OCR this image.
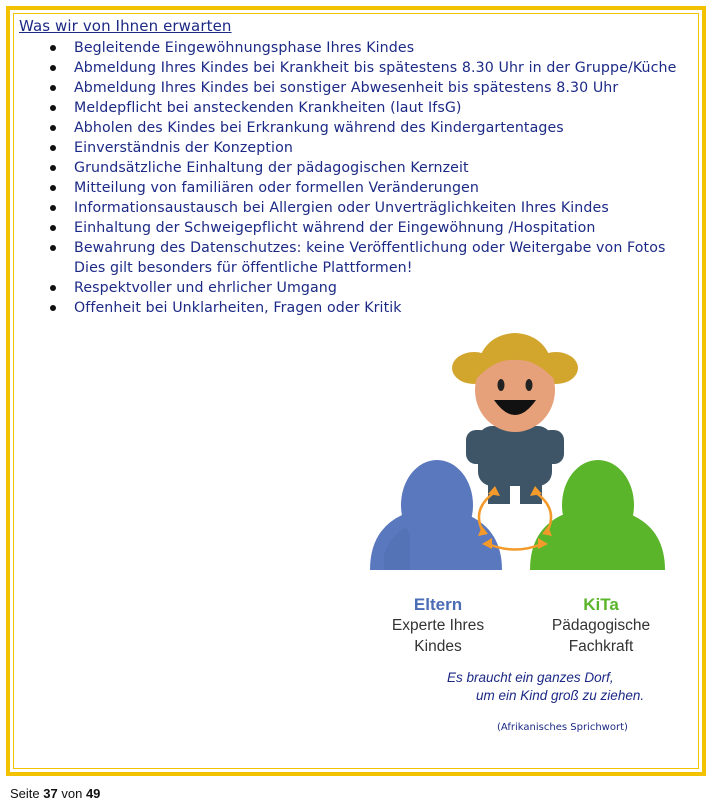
Was wir von Ihnen erwarten
Begleitende Eingewöhnungsphase Ihres Kindes
Abmeldung Ihres Kindes bei Krankheit bis spätestens 8.30 Uhr in der Gruppe/Küche
Abmeldung Ihres Kindes bei sonstiger Abwesenheit bis spätestens 8.30 Uhr
Meldepflicht bei ansteckenden Krankheiten (laut IfsG)
Abholen des Kindes bei Erkrankung während des Kindergartentages
Einverständnis der Konzeption
Grundsätzliche Einhaltung der pädagogischen Kernzeit
Mitteilung von familiären oder formellen Veränderungen
Informationsaustausch bei Allergien oder Unverträglichkeiten Ihres Kindes
Einhaltung der Schweigepflicht während der Eingewöhnung /Hospitation
Bewahrung des Datenschutzes: keine Veröffentlichung oder Weitergabe von Fotos
Dies gilt besonders für öffentliche Plattformen!
Respektvoller und ehrlicher Umgang
Offenheit bei Unklarheiten, Fragen oder Kritik
Eltern
Experte Ihres
Kindes
KiTa
Pädagogische
Fachkraft
Es braucht ein ganzes Dorf,
um ein Kind groß zu ziehen.
(Afrikanisches Sprichwort)
Seite 37 von 49
